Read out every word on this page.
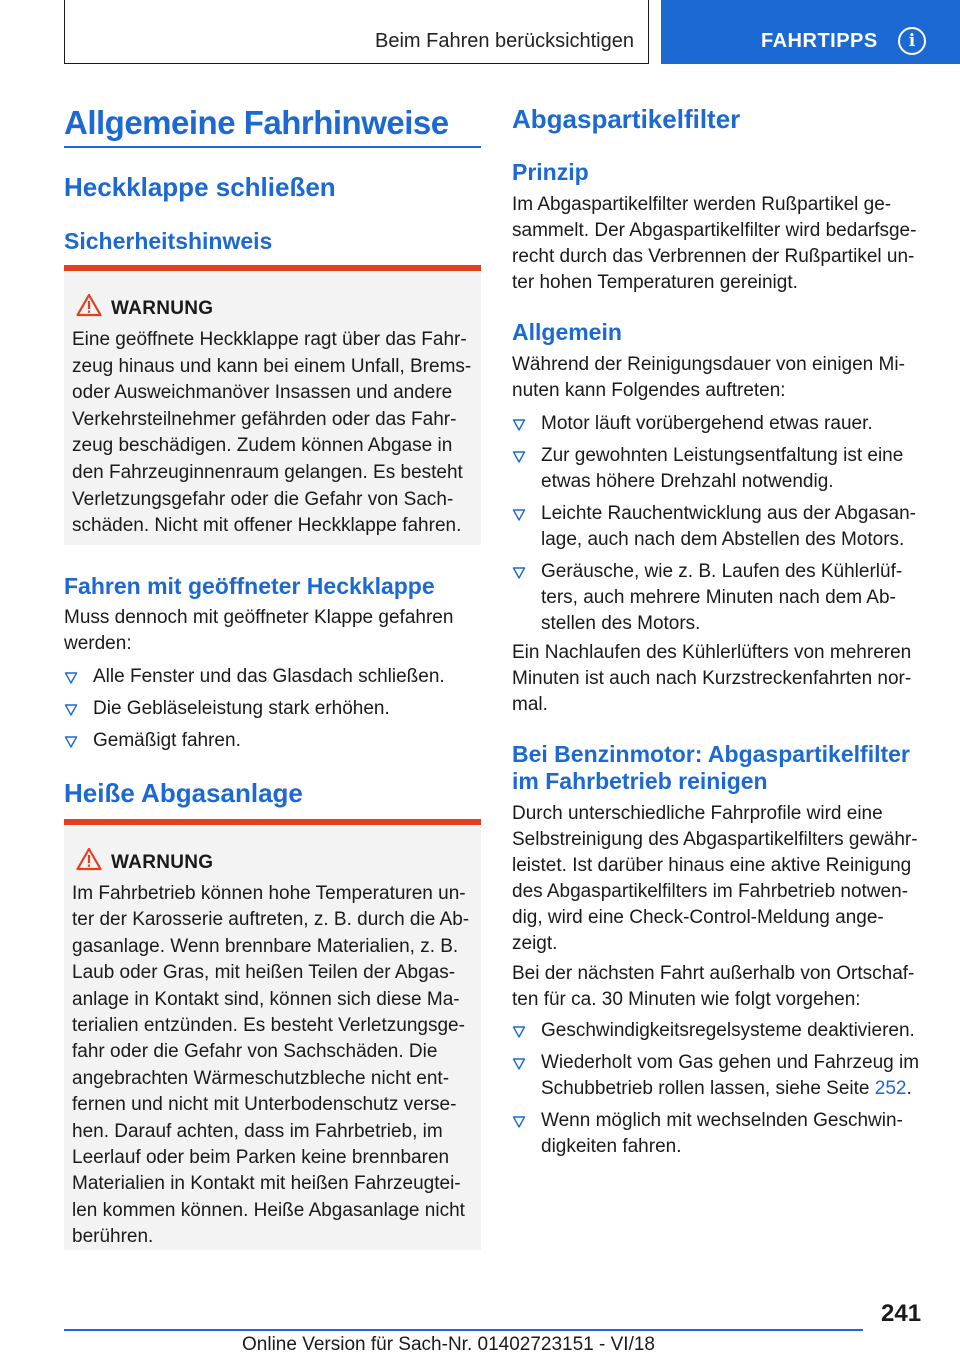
Beim Fahren berücksichtigen	FAHRTIPPS	i
Allgemeine Fahrhinweise
Heckklappe schließen
Sicherheitshinweis
WARNUNG
Eine geöffnete Heckklappe ragt über das Fahr-
zeug hinaus und kann bei einem Unfall, Brems-
oder Ausweichmanöver Insassen und andere
Verkehrsteilnehmer gefährden oder das Fahr-
zeug beschädigen. Zudem können Abgase in
den Fahrzeuginnenraum gelangen. Es besteht
Verletzungsgefahr oder die Gefahr von Sach-
schäden. Nicht mit offener Heckklappe fahren.
Fahren mit geöffneter Heckklappe
Muss dennoch mit geöffneter Klappe gefahren
werden:
Alle Fenster und das Glasdach schließen.
Die Gebläseleistung stark erhöhen.
Gemäßigt fahren.
Heiße Abgasanlage
WARNUNG
Im Fahrbetrieb können hohe Temperaturen un-
ter der Karosserie auftreten, z. B. durch die Ab-
gasanlage. Wenn brennbare Materialien, z. B.
Laub oder Gras, mit heißen Teilen der Abgas-
anlage in Kontakt sind, können sich diese Ma-
terialien entzünden. Es besteht Verletzungsge-
fahr oder die Gefahr von Sachschäden. Die
angebrachten Wärmeschutzbleche nicht ent-
fernen und nicht mit Unterbodenschutz verse-
hen. Darauf achten, dass im Fahrbetrieb, im
Leerlauf oder beim Parken keine brennbaren
Materialien in Kontakt mit heißen Fahrzeugtei-
len kommen können. Heiße Abgasanlage nicht
berühren.
Abgaspartikelfilter
Prinzip
Im Abgaspartikelfilter werden Rußpartikel ge-
sammelt. Der Abgaspartikelfilter wird bedarfsge-
recht durch das Verbrennen der Rußpartikel un-
ter hohen Temperaturen gereinigt.
Allgemein
Während der Reinigungsdauer von einigen Mi-
nuten kann Folgendes auftreten:
Motor läuft vorübergehend etwas rauer.
Zur gewohnten Leistungsentfaltung ist eine
etwas höhere Drehzahl notwendig.
Leichte Rauchentwicklung aus der Abgasan-
lage, auch nach dem Abstellen des Motors.
Geräusche, wie z. B. Laufen des Kühlerlüf-
ters, auch mehrere Minuten nach dem Ab-
stellen des Motors.
Ein Nachlaufen des Kühlerlüfters von mehreren
Minuten ist auch nach Kurzstreckenfahrten nor-
mal.
Bei Benzinmotor: Abgaspartikelfilter
im Fahrbetrieb reinigen
Durch unterschiedliche Fahrprofile wird eine
Selbstreinigung des Abgaspartikelfilters gewähr-
leistet. Ist darüber hinaus eine aktive Reinigung
des Abgaspartikelfilters im Fahrbetrieb notwen-
dig, wird eine Check-Control-Meldung ange-
zeigt.
Bei der nächsten Fahrt außerhalb von Ortschaf-
ten für ca. 30 Minuten wie folgt vorgehen:
Geschwindigkeitsregelsysteme deaktivieren.
Wiederholt vom Gas gehen und Fahrzeug im
Schubbetrieb rollen lassen, siehe Seite 252.
Wenn möglich mit wechselnden Geschwin-
digkeiten fahren.
241
Online Version für Sach-Nr. 01402723151 - VI/18
